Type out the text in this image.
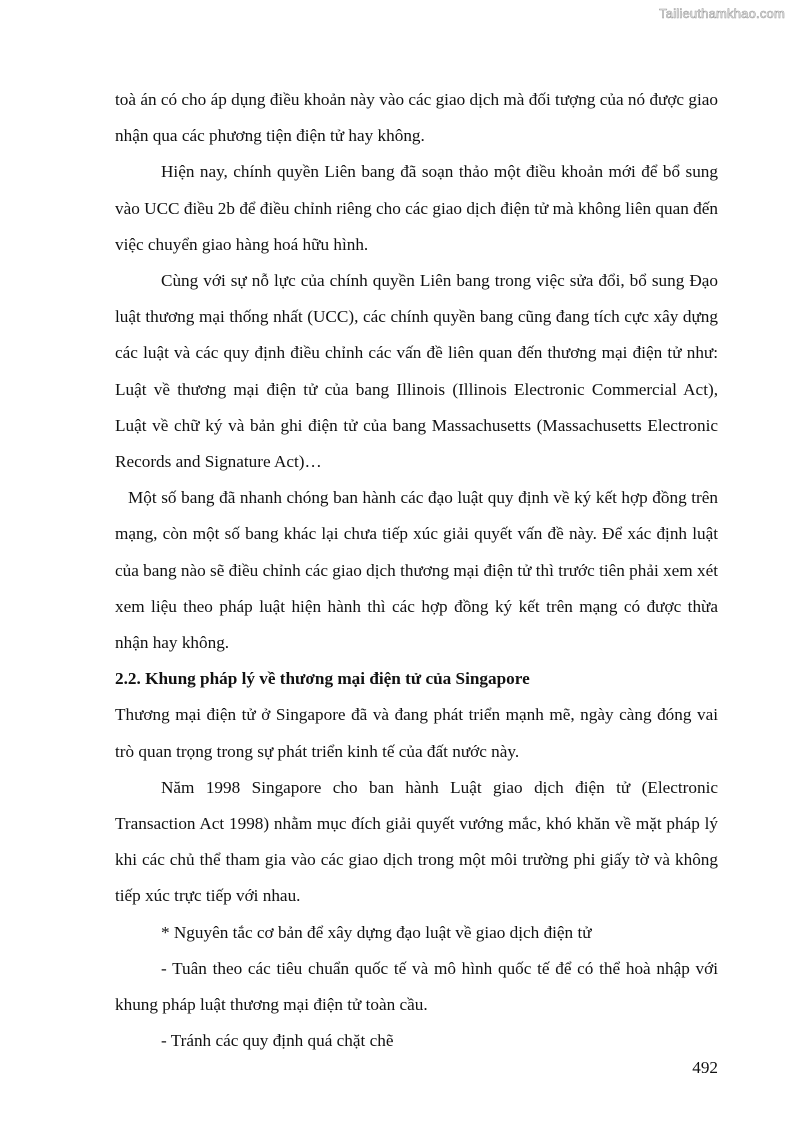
Tailieuthamkhao.com

toà án có cho áp dụng điều khoản này vào các giao dịch mà đối tượng của nó được giao nhận qua các phương tiện điện tử hay không.

Hiện nay, chính quyền Liên bang đã soạn thảo một điều khoản mới để bổ sung vào UCC điều 2b để điều chỉnh riêng cho các giao dịch điện tử mà không liên quan đến việc chuyển giao hàng hoá hữu hình.

Cùng với sự nỗ lực của chính quyền Liên bang trong việc sửa đổi, bổ sung Đạo luật thương mại thống nhất (UCC), các chính quyền bang cũng đang tích cực xây dựng các luật và các quy định điều chỉnh các vấn đề liên quan đến thương mại điện tử như: Luật về thương mại điện tử của bang Illinois (Illinois Electronic Commercial Act), Luật về chữ ký và bản ghi điện tử của bang Massachusetts (Massachusetts Electronic Records and Signature Act)…

Một số bang đã nhanh chóng ban hành các đạo luật quy định về ký kết hợp đồng trên mạng, còn một số bang khác lại chưa tiếp xúc giải quyết vấn đề này. Để xác định luật của bang nào sẽ điều chỉnh các giao dịch thương mại điện tử thì trước tiên phải xem xét xem liệu theo pháp luật hiện hành thì các hợp đồng ký kết trên mạng có được thừa nhận hay không.

2.2. Khung pháp lý về thương mại điện tử của Singapore

Thương mại điện tử ở Singapore đã và đang phát triển mạnh mẽ, ngày càng đóng vai trò quan trọng trong sự phát triển kinh tế của đất nước này.

Năm 1998 Singapore cho ban hành Luật giao dịch điện tử (Electronic Transaction Act 1998) nhằm mục đích giải quyết vướng mắc, khó khăn về mặt pháp lý khi các chủ thể tham gia vào các giao dịch trong một môi trường phi giấy tờ và không tiếp xúc trực tiếp với nhau.

* Nguyên tắc cơ bản để xây dựng đạo luật về giao dịch điện tử

- Tuân theo các tiêu chuẩn quốc tế và mô hình quốc tế để có thể hoà nhập với khung pháp luật thương mại điện tử toàn cầu.

- Tránh các quy định quá chặt chẽ

492
